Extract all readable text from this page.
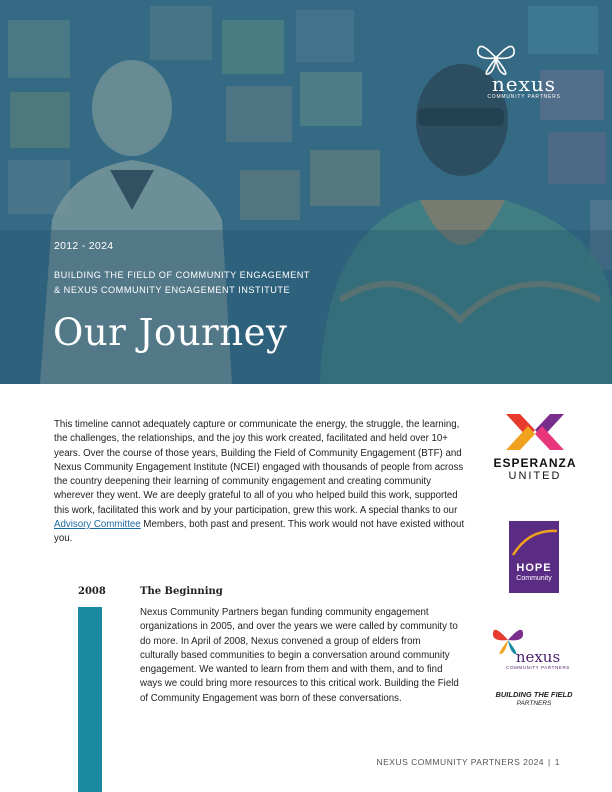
nexus
COMMUNITY PARTNERS
2012 - 2024
BUILDING THE FIELD OF COMMUNITY ENGAGEMENT
& NEXUS COMMUNITY ENGAGEMENT INSTITUTE
Our Journey

This timeline cannot adequately capture or communicate the energy, the struggle, the learning, the challenges, the relationships, and the joy this work created, facilitated and held over 10+ years. Over the course of those years, Building the Field of Community Engagement (BTF) and Nexus Community Engagement Institute (NCEI) engaged with thousands of people from across the country deepening their learning of community engagement and creating community wherever they went. We are deeply grateful to all of you who helped build this work, supported this work, facilitated this work and by your participation, grew this work. A special thanks to our Advisory Committee Members, both past and present. This work would not have existed without you.

2008	The Beginning

Nexus Community Partners began funding community engagement organizations in 2005, and over the years we were called by community to do more. In April of 2008, Nexus convened a group of elders from culturally based communities to begin a conversation around community engagement. We wanted to learn from them and with them, and to find ways we could bring more resources to this critical work. Building the Field of Community Engagement was born of these conversations.

ESPERANZA
UNITED
HOPE
Community
nexus
COMMUNITY PARTNERS
BUILDING THE FIELD
PARTNERS
NEXUS COMMUNITY PARTNERS 2024 | 1
